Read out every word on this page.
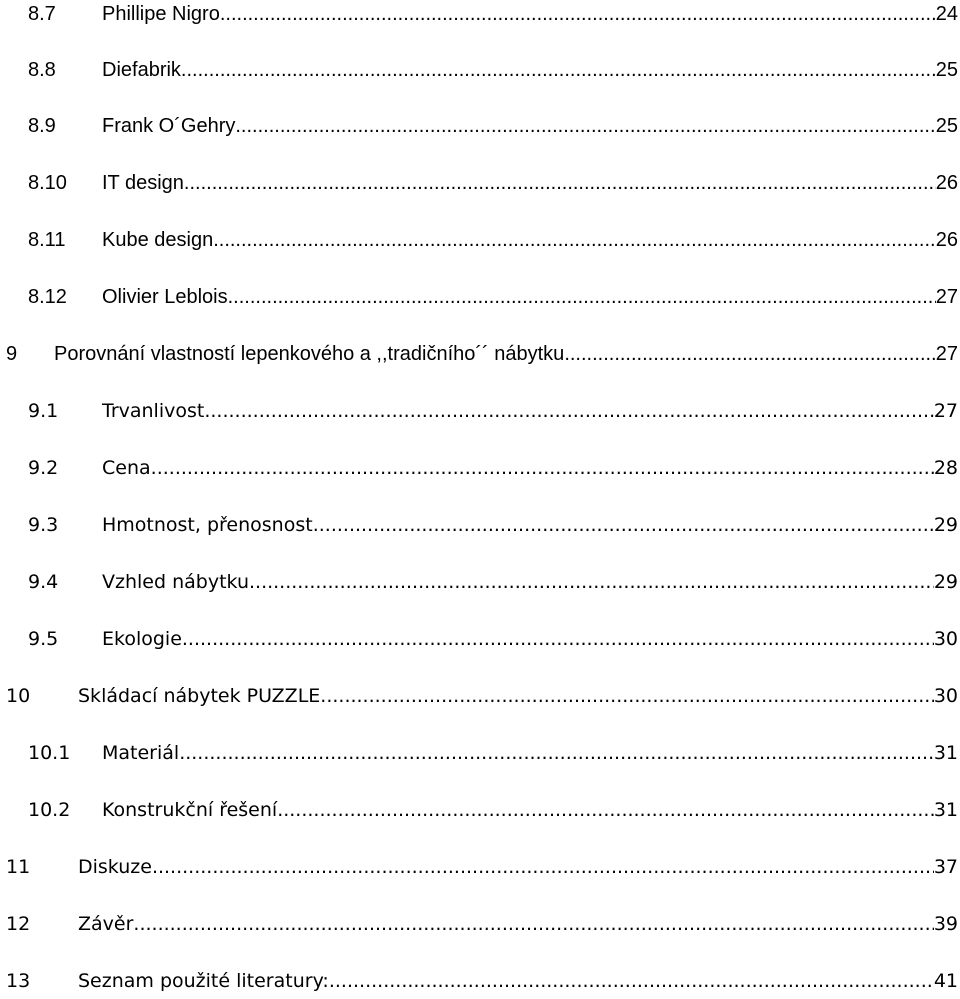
8.7 Phillipe Nigro .....	24
8.8 Diefabrik .....	25
8.9 Frank O´Gehry .....	25
8.10 IT design .....	26
8.11 Kube design .....	26
8.12 Olivier Leblois .....	27
9 Porovnání vlastností lepenkového a ,,tradičního´´ nábytku .....	27
9.1 Trvanlivost .....	27
9.2 Cena .....	28
9.3 Hmotnost, přenosnost .....	29
9.4 Vzhled nábytku .....	29
9.5 Ekologie .....	30
10	Skládací nábytek PUZZLE .....	30
10.1 Materiál .....	31
10.2 Konstrukční řešení .....	31
11	Diskuze .....	37
12	Závěr .....	39
13	Seznam použité literatury: .....	41
